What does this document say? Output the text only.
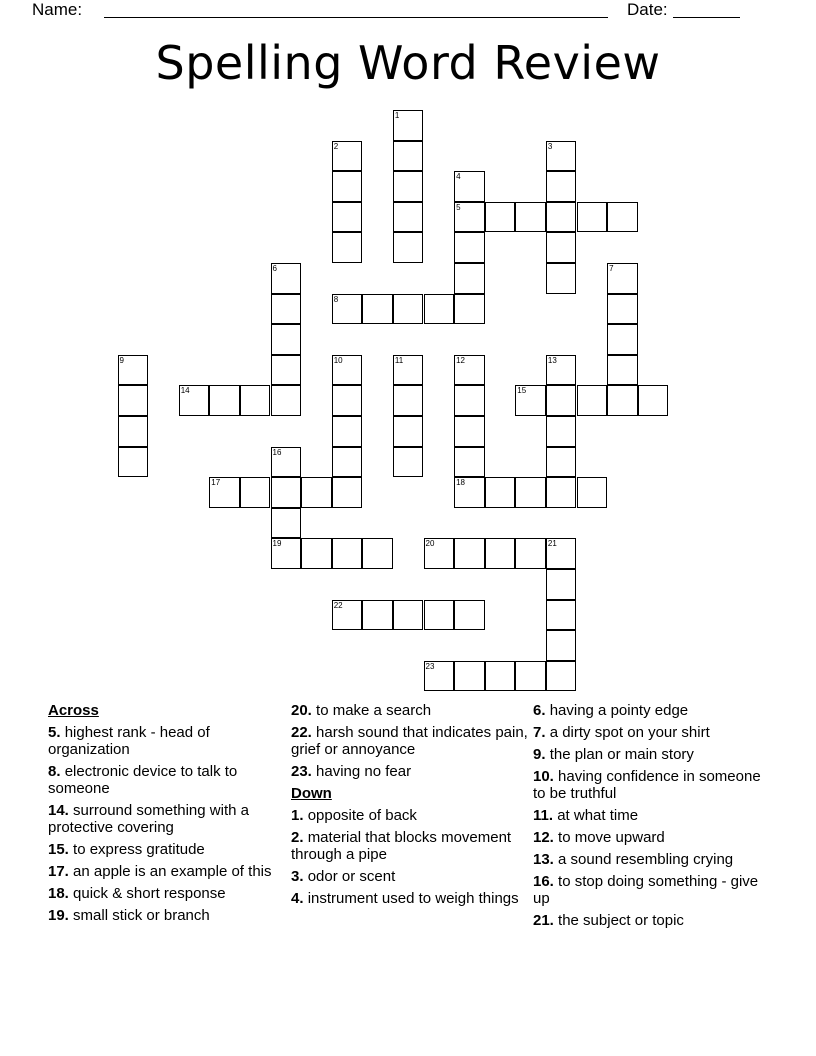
Name:	Date:
Spelling Word Review
1
2	3
4
5
6	7
8
9	10	11	12
18
13
14	15
16
19
17
20	21
22
23
Across
5. highest rank - head of organization
8. electronic device to talk to someone
14. surround something with a protective covering
15. to express gratitude
17. an apple is an example of this
18. quick & short response
19. small stick or branch
20. to make a search
22. harsh sound that indicates pain, grief or annoyance
23. having no fear
Down
1. opposite of back
2. material that blocks movement through a pipe
3. odor or scent
4. instrument used to weigh things
6. having a pointy edge
7. a dirty spot on your shirt
9. the plan or main story
10. having confidence in someone to be truthful
11. at what time
12. to move upward
13. a sound resembling crying
16. to stop doing something - give up
21. the subject or topic
